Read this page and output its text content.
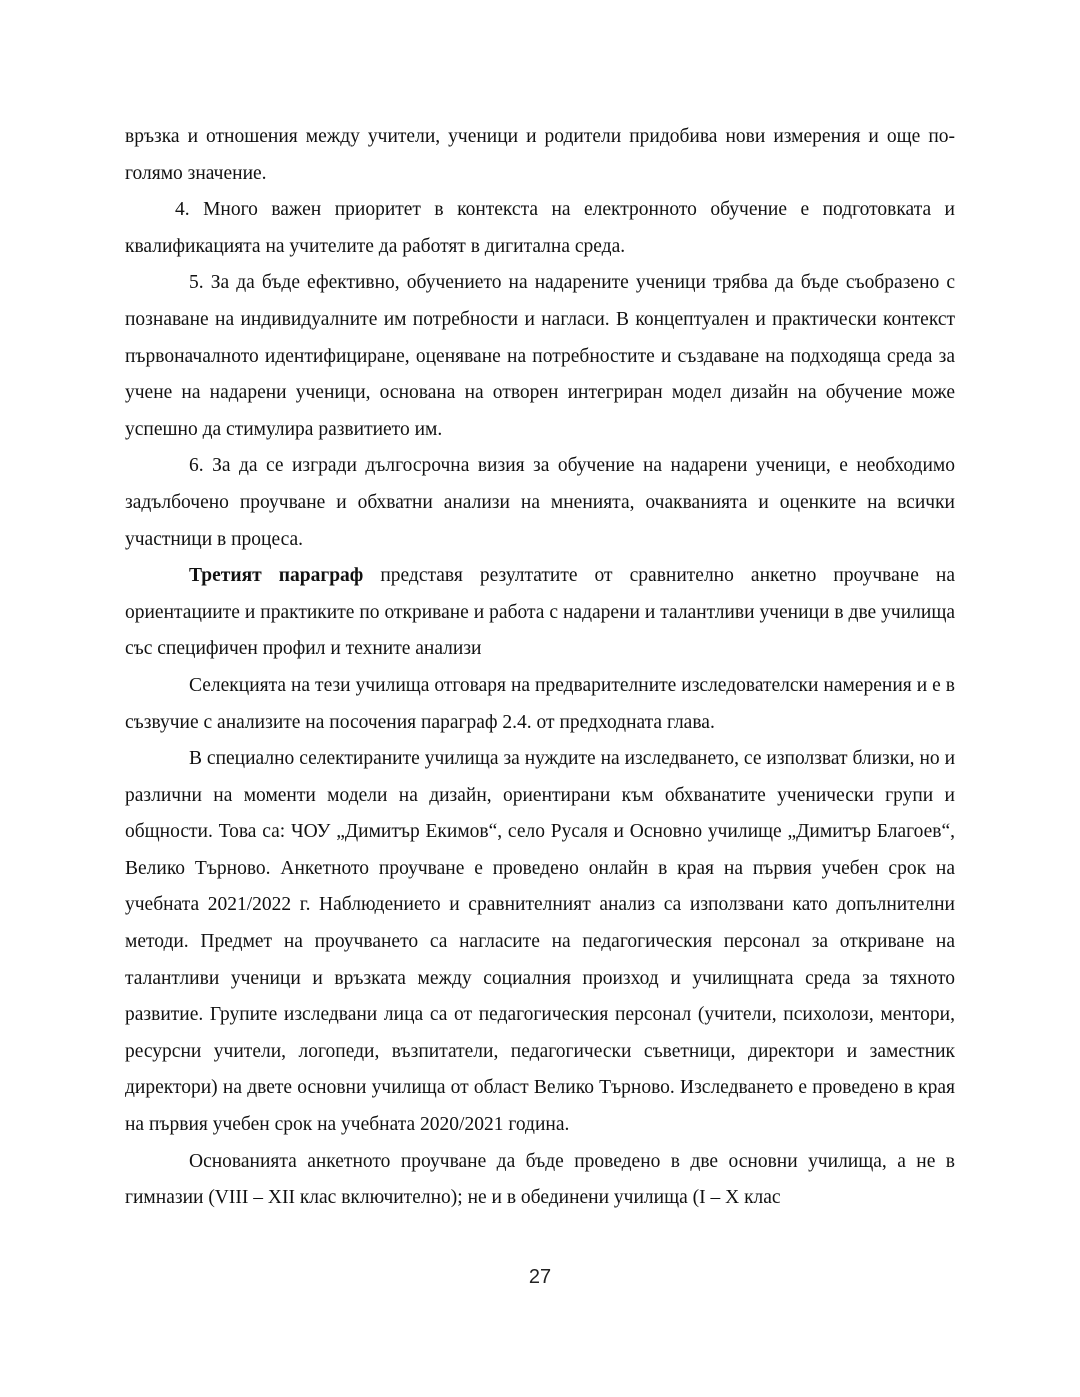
връзка и отношения между учители, ученици и родители придобива нови измерения и още по-голямо значение.

4. Много важен приоритет в контекста на електронното обучение е подготовката и квалификацията на учителите да работят в дигитална среда.

5. За да бъде ефективно, обучението на надарените ученици трябва да бъде съобразено с познаване на индивидуалните им потребности и нагласи. В концептуален и практически контекст първоначалното идентифициране, оценяване на потребностите и създаване на подходяща среда за учене на надарени ученици, основана на отворен интегриран модел дизайн на обучение може успешно да стимулира развитието им.

6. За да се изгради дългосрочна визия за обучение на надарени ученици, е необходимо задълбочено проучване и обхватни анализи на мненията, очакванията и оценките на всички участници в процеса.

Третият параграф представя резултатите от сравнително анкетно проучване на ориентациите и практиките по откриване и работа с надарени и талантливи ученици в две училища със специфичен профил и техните анализи

Селекцията на тези училища отговаря на предварителните изследователски намерения и е в съзвучие с анализите на посочения параграф 2.4. от предходната глава.

В специално селектираните училища за нуждите на изследването, се използват близки, но и различни на моменти модели на дизайн, ориентирани към обхванатите ученически групи и общности. Това са: ЧОУ „Димитър Екимов“, село Русаля и Основно училище „Димитър Благоев“, Велико Търново. Анкетното проучване е проведено онлайн в края на първия учебен срок на учебната 2021/2022 г. Наблюдението и сравнителният анализ са използвани като допълнителни методи. Предмет на проучването са нагласите на педагогическия персонал за откриване на талантливи ученици и връзката между социалния произход и училищната среда за тяхното развитие. Групите изследвани лица са от педагогическия персонал (учители, психолози, ментори, ресурсни учители, логопеди, възпитатели, педагогически съветници, директори и заместник директори) на двете основни училища от област Велико Търново. Изследването е проведено в края на първия учебен срок на учебната 2020/2021 година.

Основанията анкетното проучване да бъде проведено в две основни училища, а не в гимназии (VIII – XII клас включително); не и в обединени училища (I – X клас

27
